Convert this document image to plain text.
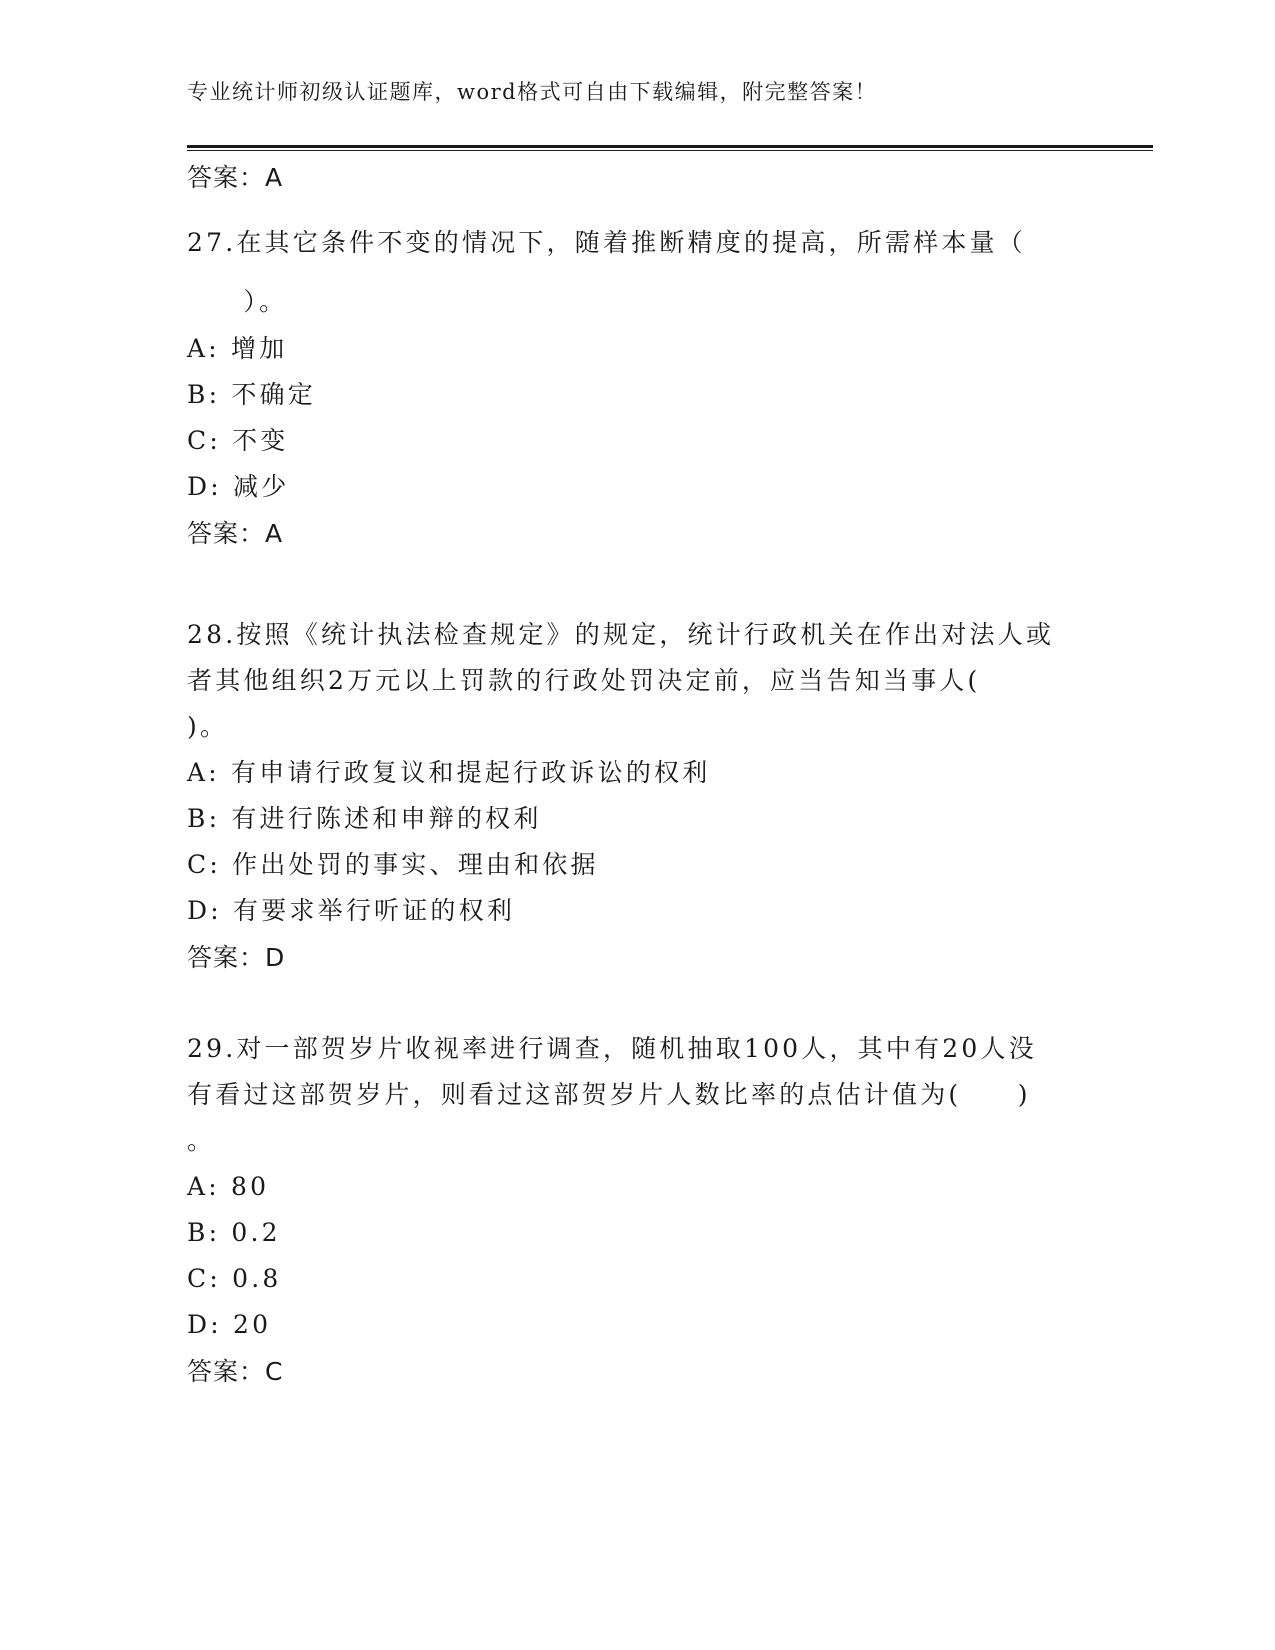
专业统计师初级认证题库，word格式可自由下载编辑，附完整答案！
答案：A
27.在其它条件不变的情况下，随着推断精度的提高，所需样本量（
　　）。
A: 增加
B: 不确定
C: 不变
D: 减少
答案：A
28.按照《统计执法检查规定》的规定，统计行政机关在作出对法人或
者其他组织2万元以上罚款的行政处罚决定前，应当告知当事人(
)。
A: 有申请行政复议和提起行政诉讼的权利
B: 有进行陈述和申辩的权利
C: 作出处罚的事实、理由和依据
D: 有要求举行听证的权利
答案：D
29.对一部贺岁片收视率进行调查，随机抽取100人，其中有20人没
有看过这部贺岁片，则看过这部贺岁片人数比率的点估计值为(　　)
。
A: 80
B: 0.2
C: 0.8
D: 20
答案：C
